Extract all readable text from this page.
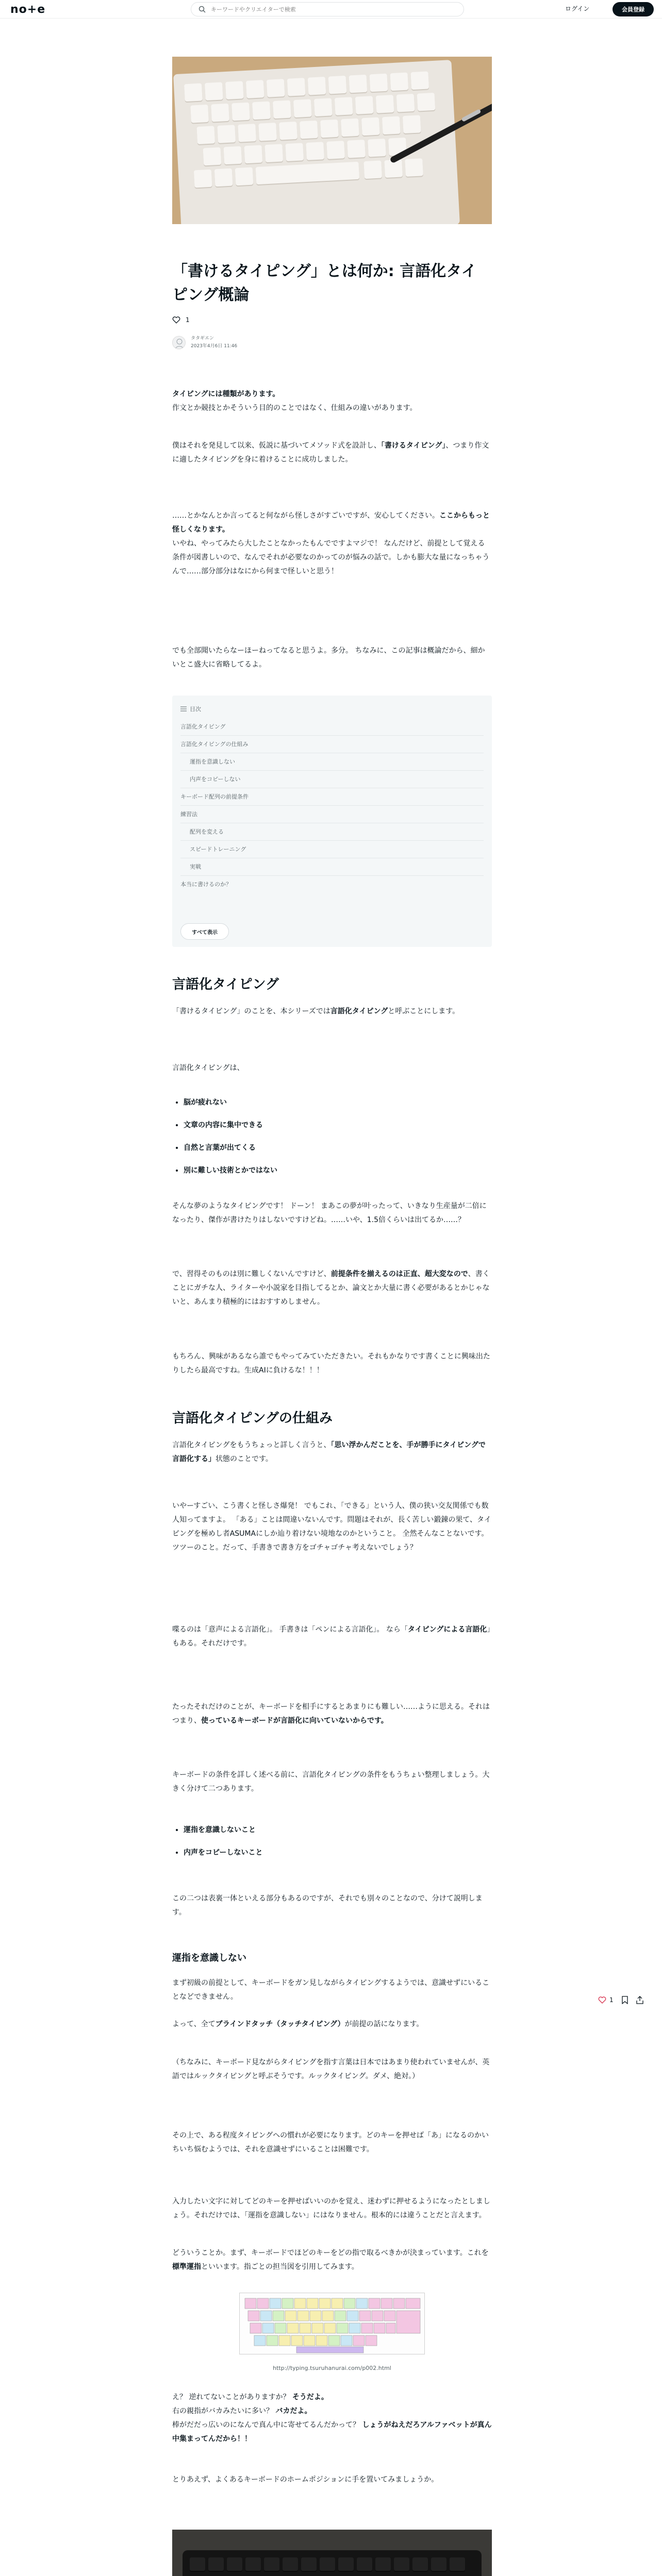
no+e
キーワードやクリエイターで検索	ログイン	会員登録
「書けるタイピング」とは何か: 言語化タイピング概論
1
タタギエン
2023年4月6日 11:46
タイピングには種類があります。
作文とか競技とかそういう目的のことではなく、仕組みの違いがあります。
僕はそれを発見して以来、仮説に基づいてメソッド式を設計し、「書けるタイピング」、つまり作文に適したタイピングを身に着けることに成功しました。
……とかなんとか言ってると何ながら怪しさがすごいですが、安心してください。ここからもっと怪しくなります。
いやね、やってみたら大したことなかったもんでですよマジで！ なんだけど、前提として覚える条件が図書しいので、なんでそれが必要なのかってのが悩みの話で。しかも膨大な量になっちゃうんで……部分部分はなにから何まで怪しいと思う！
でも全部聞いたらなーほーねってなると思うよ。多分。 ちなみに、この記事は概論だから、細かいとこ盛大に省略してるよ。
目次
言語化タイピング
言語化タイピングの仕組み
運指を意識しない
内声をコピーしない
キーボード配列の前提条件
練習法
配列を変える
スピードトレーニング
実戦
本当に書けるのか？
すべて表示
言語化タイピング
「書けるタイピング」のことを、本シリーズでは言語化タイピングと呼ぶことにします。
言語化タイピングは、
• 脳が疲れない
• 文章の内容に集中できる
• 自然と言葉が出てくる
• 別に難しい技術とかではない
そんな夢のようなタイピングです！ ドーン！ まあこの夢が叶ったって、いきなり生産量が二倍になったり、傑作が書けたりはしないですけどね。……いや、1.5倍くらいは出てるか……？
で、習得そのものは別に難しくないんですけど、前提条件を揃えるのは正直、超大変なので、書くことにガチな人、ライターや小説家を目指してるとか、論文とか大量に書く必要があるとかじゃないと、あんまり積極的にはおすすめしません。
もちろん、興味があるなら誰でもやってみていただきたい。それもかなりです書くことに興味出たりしたら最高ですね。生成AIに負けるな！！！
言語化タイピングの仕組み
言語化タイピングをもうちょっと詳しく言うと、「思い浮かんだことを、手が勝手にタイピングで言語化する」状態のことです。
いやーすごい、こう書くと怪しさ爆発！ でもこれ、「できる」という人、僕の狭い交友関係でも数人知ってますよ。 「ある」ことは間違いないんです。問題はそれが、長く苦しい鍛錬の果て、タイピングを極めし者ASUMAにしか辿り着けない境地なのかということ。 全然そんなことないです。ツツーのこと。だって、手書きで書き方をゴチャゴチャ考えないでしょう？
喋るのは「意声による言語化」。 手書きは「ペンによる言語化」。 なら「タイピングによる言語化」もある。それだけです。
たったそれだけのことが、キーボードを相手にするとあまりにも難しい……ように思える。それはつまり、使っているキーボードが言語化に向いていないからです。
キーボードの条件を詳しく述べる前に、言語化タイピングの条件をもうちょい整理しましょう。大きく分けて二つあります。
• 運指を意識しないこと
• 内声をコピーしないこと
この二つは表裏一体といえる部分もあるのですが、それでも別々のことなので、分けて説明します。
運指を意識しない
まず初級の前提として、キーボードをガン見しながらタイピングするようでは、意識せずにいることなどできません。
よって、全てブラインドタッチ（タッチタイピング）が前提の話になります。
（ちなみに、キーボード見ながらタイピングを指す言葉は日本ではあまり使われていませんが、英語ではルックタイピングと呼ぶそうです。ルックタイピング。ダメ、絶対。）
その上で、ある程度タイピングへの慣れが必要になります。どのキーを押せば「あ」になるのかいちいち悩むようでは、それを意識せずにいることは困難です。
入力したい文字に対してどのキーを押せばいいのかを覚え、迷わずに押せるようになったとしましょう。それだけでは、「運指を意識しない」にはなりません。根本的には違うことだと言えます。
どういうことか。まず、キーボードでほどのキーをどの指で取るべきかが決まっています。これを標準運指といいます。指ごとの担当図を引用してみます。
1
http://typing.tsuruhanurai.com/p002.html
え？ 逆れてないことがありますか？ そうだよ。
右の親指がバカみたいに多い？ バカだよ。
棒がだだっ広いのになんで真ん中に寄せてるんだかって？ しょうがねえだろアルファベットが真ん中集まってんだから！！
とりあえず、よくあるキーボードのホームポジションに手を置いてみましょうか。
